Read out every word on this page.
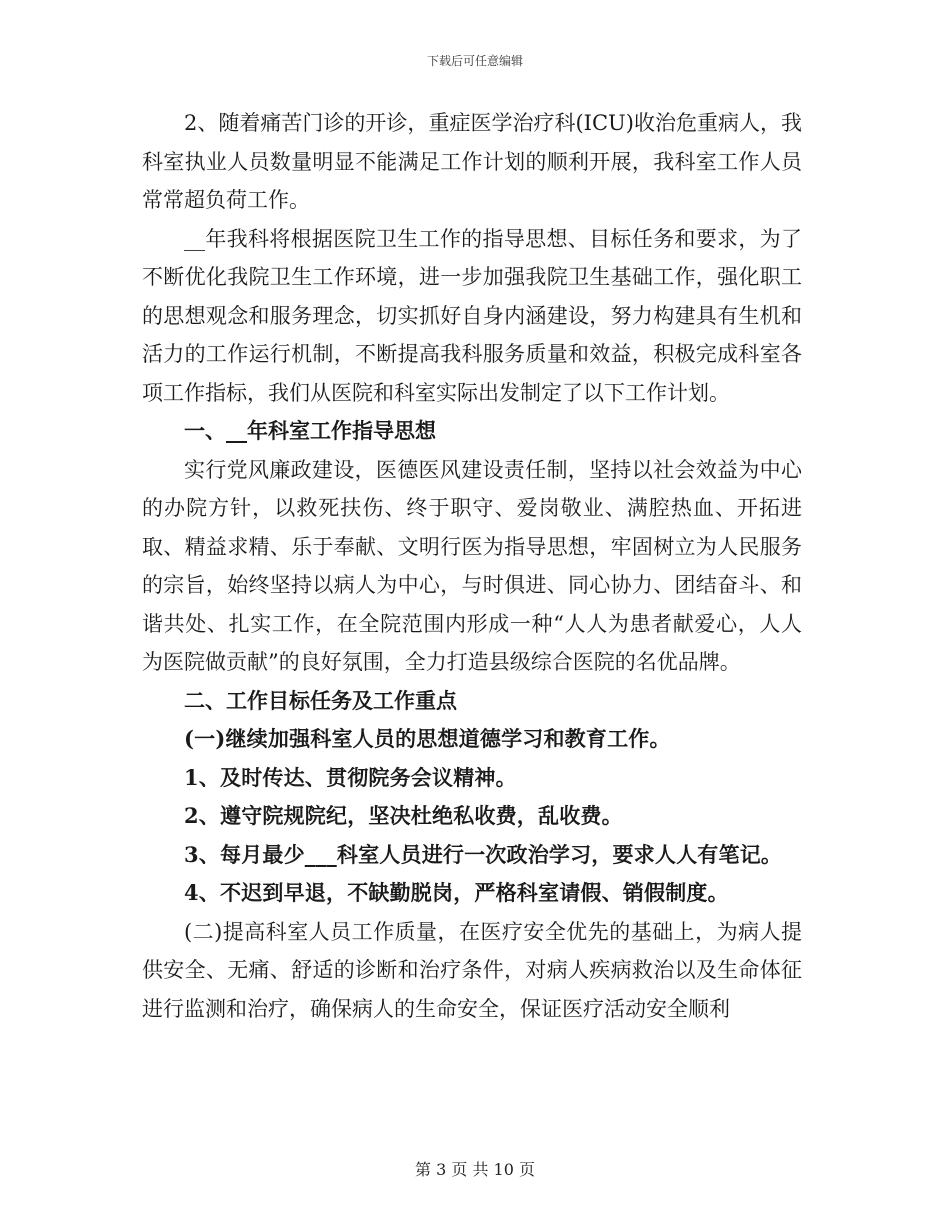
下载后可任意编辑

2、随着痛苦门诊的开诊，重症医学治疗科(ICU)收治危重病人，我科室执业人员数量明显不能满足工作计划的顺利开展，我科室工作人员常常超负荷工作。

__年我科将根据医院卫生工作的指导思想、目标任务和要求，为了不断优化我院卫生工作环境，进一步加强我院卫生基础工作，强化职工的思想观念和服务理念，切实抓好自身内涵建设，努力构建具有生机和活力的工作运行机制，不断提高我科服务质量和效益，积极完成科室各项工作指标，我们从医院和科室实际出发制定了以下工作计划。

一、__年科室工作指导思想

实行党风廉政建设，医德医风建设责任制，坚持以社会效益为中心的办院方针，以救死扶伤、终于职守、爱岗敬业、满腔热血、开拓进取、精益求精、乐于奉献、文明行医为指导思想，牢固树立为人民服务的宗旨，始终坚持以病人为中心，与时俱进、同心协力、团结奋斗、和谐共处、扎实工作，在全院范围内形成一种“人人为患者献爱心，人人为医院做贡献”的良好氛围，全力打造县级综合医院的名优品牌。

二、工作目标任务及工作重点

(一)继续加强科室人员的思想道德学习和教育工作。

1、及时传达、贯彻院务会议精神。

2、遵守院规院纪，坚决杜绝私收费，乱收费。

3、每月最少___科室人员进行一次政治学习，要求人人有笔记。

4、不迟到早退，不缺勤脱岗，严格科室请假、销假制度。

(二)提高科室人员工作质量，在医疗安全优先的基础上，为病人提供安全、无痛、舒适的诊断和治疗条件，对病人疾病救治以及生命体征进行监测和治疗，确保病人的生命安全，保证医疗活动安全顺利

第 3 页 共 10 页
